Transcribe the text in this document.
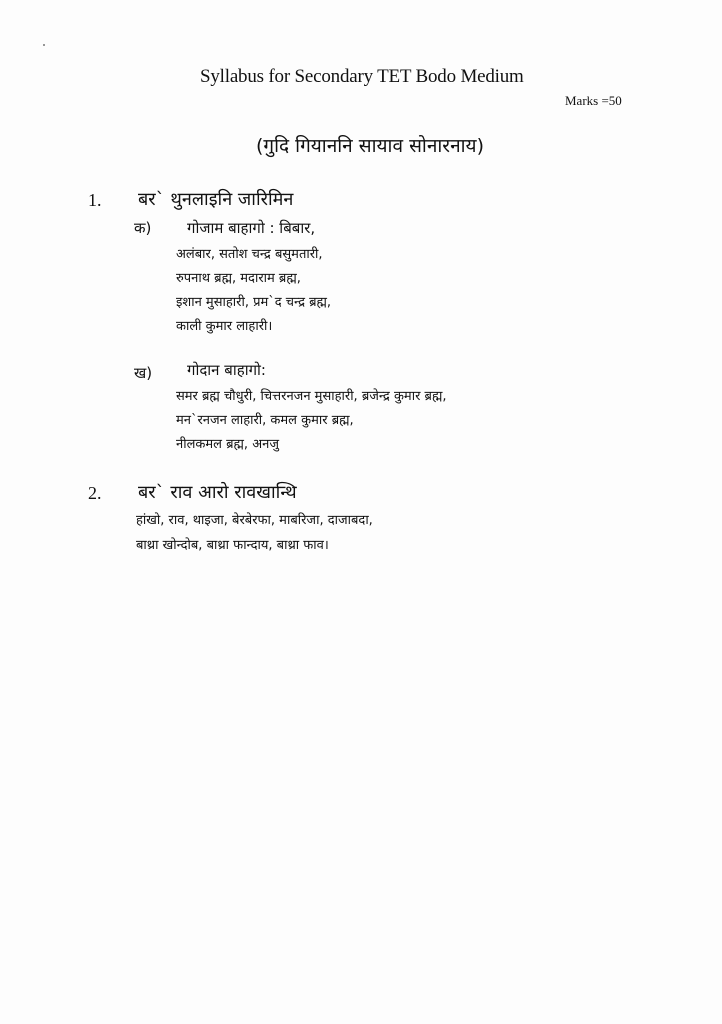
Syllabus for Secondary TET Bodo Medium
Marks =50
(गुदि गियाननि सायाव सोनारनाय)
1. बर` थुनलाइनि जारिमिन
क) गोजाम बाहागो : बिबार,
अलंबार, सतोश चन्द्र बसुमतारी,
रुपनाथ ब्रह्म, मदाराम ब्रह्म,
इशान मुसाहारी, प्रम`द चन्द्र ब्रह्म,
काली कुमार लाहारी।
ख) गोदान बाहागो:
समर ब्रह्म चौधुरी, चित्तरनजन मुसाहारी, ब्रजेन्द्र कुमार ब्रह्म,
मन`रनजन लाहारी, कमल कुमार ब्रह्म,
नीलकमल ब्रह्म, अनजु
2. बर` राव आरो रावखान्थि
हांखो, राव, थाइजा, बेरबेरफा, माबरिजा, दाजाबदा,
बाथ्रा खोन्दोब, बाथ्रा फान्दाय, बाथ्रा फाव।
